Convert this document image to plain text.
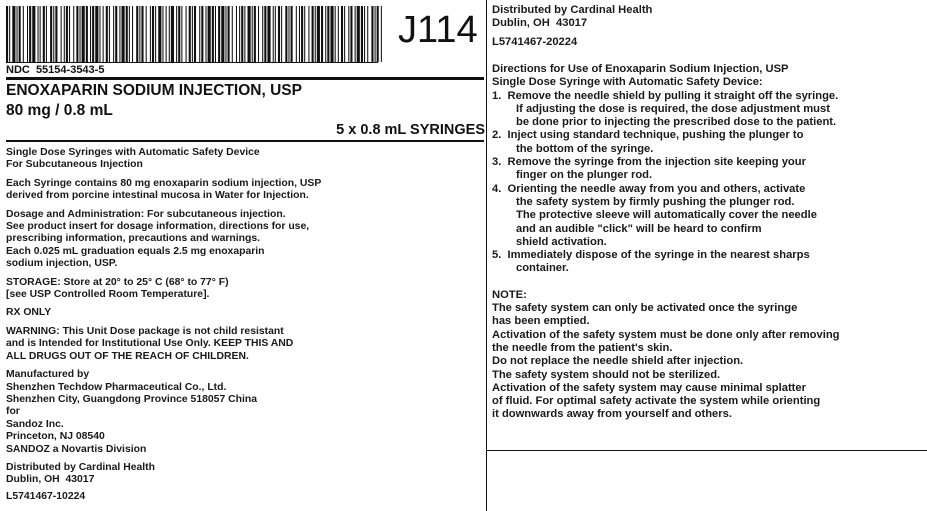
J114
NDC  55154-3543-5
ENOXAPARIN SODIUM INJECTION, USP
80 mg / 0.8 mL
5 x 0.8 mL SYRINGES
Single Dose Syringes with Automatic Safety Device
For Subcutaneous Injection
Each Syringe contains 80 mg enoxaparin sodium injection, USP
derived from porcine intestinal mucosa in Water for Injection.
Dosage and Administration: For subcutaneous injection.
See product insert for dosage information, directions for use,
prescribing information, precautions and warnings.
Each 0.025 mL graduation equals 2.5 mg enoxaparin
sodium injection, USP.
STORAGE: Store at 20° to 25° C (68° to 77° F)
[see USP Controlled Room Temperature].
RX ONLY
WARNING: This Unit Dose package is not child resistant
and is Intended for Institutional Use Only. KEEP THIS AND
ALL DRUGS OUT OF THE REACH OF CHILDREN.
Manufactured by
Shenzhen Techdow Pharmaceutical Co., Ltd.
Shenzhen City, Guangdong Province 518057 China
for
Sandoz Inc.
Princeton, NJ 08540
SANDOZ a Novartis Division
Distributed by Cardinal Health
Dublin, OH  43017
L5741467-10224
Distributed by Cardinal Health
Dublin, OH  43017
L5741467-20224
Directions for Use of Enoxaparin Sodium Injection, USP
Single Dose Syringe with Automatic Safety Device:
1.  Remove the needle shield by pulling it straight off the syringe.
If adjusting the dose is required, the dose adjustment must
be done prior to injecting the prescribed dose to the patient.
2.  Inject using standard technique, pushing the plunger to
the bottom of the syringe.
3.  Remove the syringe from the injection site keeping your
finger on the plunger rod.
4.  Orienting the needle away from you and others, activate
the safety system by firmly pushing the plunger rod.
The protective sleeve will automatically cover the needle
and an audible "click" will be heard to confirm
shield activation.
5.  Immediately dispose of the syringe in the nearest sharps
container.
NOTE:
The safety system can only be activated once the syringe
has been emptied.
Activation of the safety system must be done only after removing
the needle from the patient's skin.
Do not replace the needle shield after injection.
The safety system should not be sterilized.
Activation of the safety system may cause minimal splatter
of fluid. For optimal safety activate the system while orienting
it downwards away from yourself and others.
